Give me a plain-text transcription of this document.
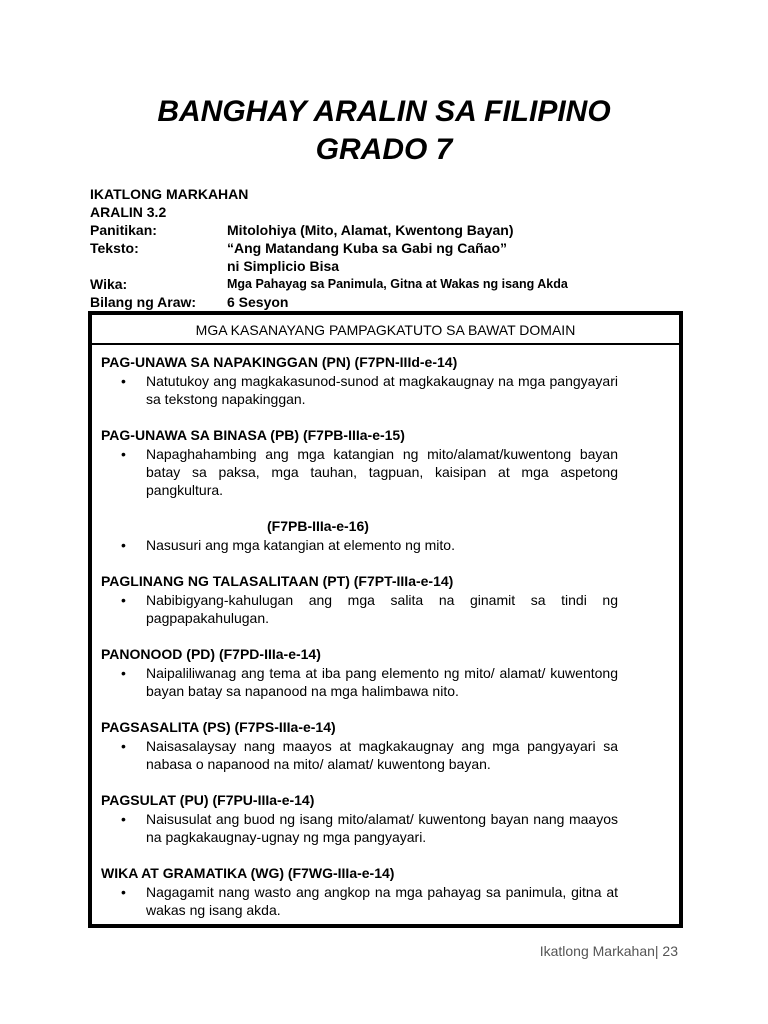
BANGHAY ARALIN SA FILIPINO
GRADO 7
IKATLONG MARKAHAN
ARALIN 3.2
Panitikan:	Mitolohiya (Mito, Alamat, Kwentong Bayan)
Teksto:	“Ang Matandang Kuba sa Gabi ng Cañao”
ni Simplicio Bisa
Wika:	Mga Pahayag sa Panimula, Gitna at Wakas ng isang Akda
Bilang ng Araw:	6 Sesyon
MGA KASANAYANG PAMPAGKATUTO SA BAWAT DOMAIN
PAG-UNAWA SA NAPAKINGGAN (PN) (F7PN-IIId-e-14)
•	Natutukoy ang magkakasunod-sunod at magkakaugnay na mga pangyayari sa tekstong napakinggan.
PAG-UNAWA SA BINASA (PB) (F7PB-IIIa-e-15)
•	Napaghahambing ang mga katangian ng mito/alamat/kuwentong bayan batay sa paksa, mga tauhan, tagpuan, kaisipan at mga aspetong pangkultura.
(F7PB-IIIa-e-16)
•	Nasusuri ang mga katangian at elemento ng mito.
PAGLINANG NG TALASALITAAN (PT) (F7PT-IIIa-e-14)
•	Nabibigyang-kahulugan ang mga salita na ginamit sa tindi ng pagpapakahulugan.
PANONOOD (PD) (F7PD-IIIa-e-14)
•	Naipaliliwanag ang tema at iba pang elemento ng mito/ alamat/ kuwentong bayan batay sa napanood na mga halimbawa nito.
PAGSASALITA (PS) (F7PS-IIIa-e-14)
•	Naisasalaysay nang maayos at magkakaugnay ang mga pangyayari sa nabasa o napanood na mito/ alamat/ kuwentong bayan.
PAGSULAT (PU) (F7PU-IIIa-e-14)
•	Naisusulat ang buod ng isang mito/alamat/ kuwentong bayan nang maayos na pagkakaugnay-ugnay ng mga pangyayari.
WIKA AT GRAMATIKA (WG) (F7WG-IIIa-e-14)
•	Nagagamit nang wasto ang angkop na mga pahayag sa panimula, gitna at wakas ng isang akda.
Ikatlong Markahan| 23
